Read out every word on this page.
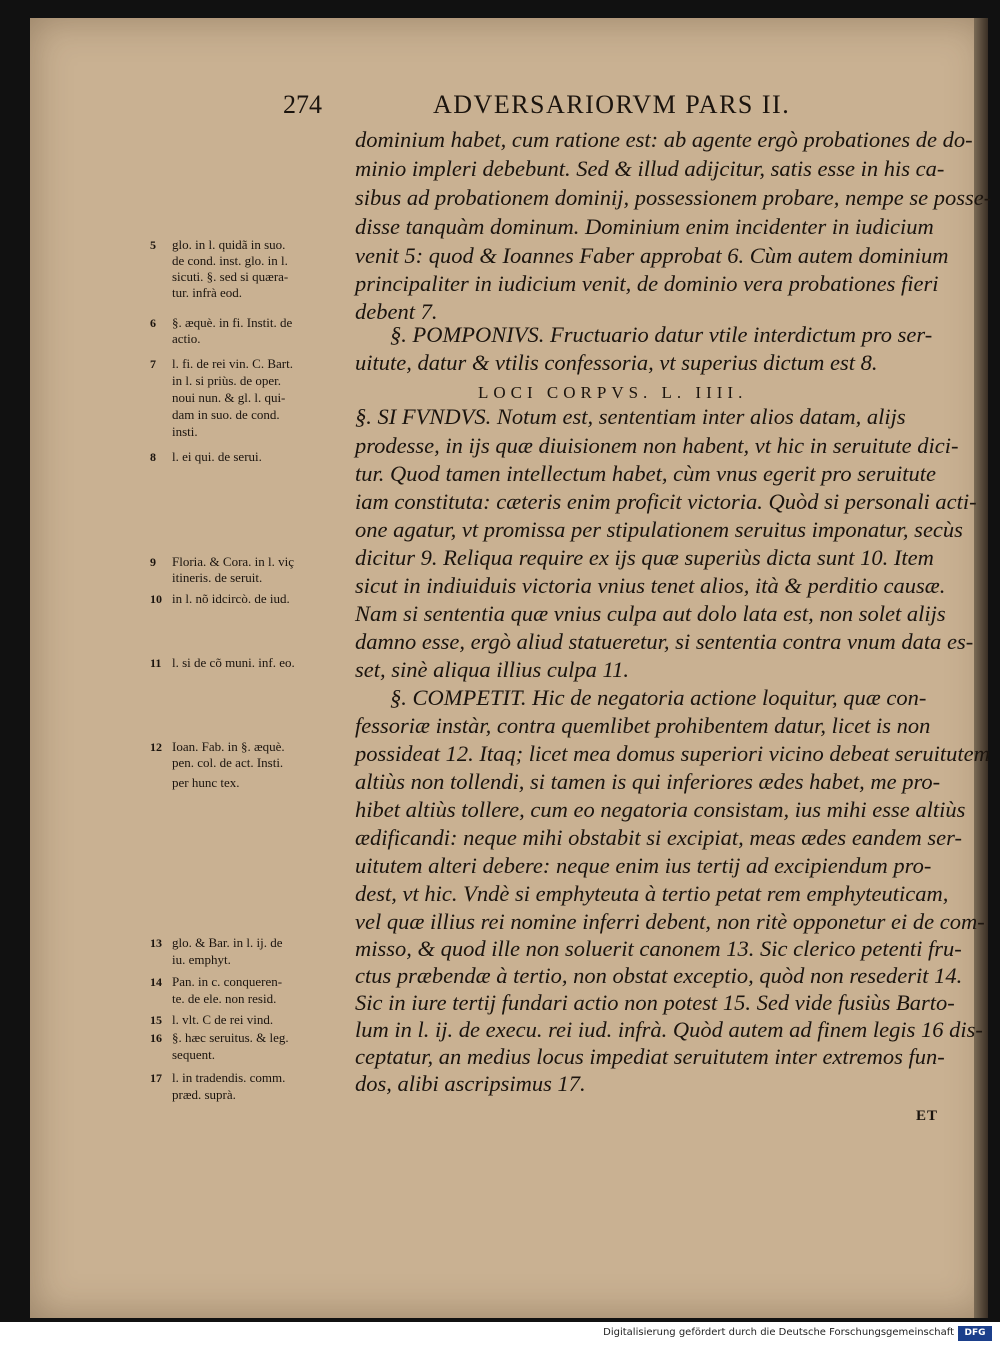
274	ADVERSARIORVM PARS II.
dominium habet, cum ratione est: ab agente ergò probationes de do-
minio impleri debebunt. Sed & illud adijcitur, satis esse in his ca-
sibus ad probationem dominij, possessionem probare, nempe se posse-
disse tanquàm dominum. Dominium enim incidenter in iudicium
venit 5: quod & Ioannes Faber approbat 6. Cùm autem dominium
principaliter in iudicium venit, de dominio vera probationes fieri
debent 7.
§. POMPONIVS. Fructuario datur vtile interdictum pro ser-
uitute, datur & vtilis confessoria, vt superius dictum est 8.
LOCI CORPVS. L. IIII.
§. SI FVNDVS. Notum est, sententiam inter alios datam, alijs
prodesse, in ijs quæ diuisionem non habent, vt hic in seruitute dici-
tur. Quod tamen intellectum habet, cùm vnus egerit pro seruitute
iam constituta: cæteris enim proficit victoria. Quòd si personali acti-
one agatur, vt promissa per stipulationem seruitus imponatur, secùs
dicitur 9. Reliqua require ex ijs quæ superiùs dicta sunt 10. Item
sicut in indiuiduis victoria vnius tenet alios, ità & perditio causæ.
Nam si sententia quæ vnius culpa aut dolo lata est, non solet alijs
damno esse, ergò aliud statueretur, si sententia contra vnum data es-
set, sinè aliqua illius culpa 11.
§. COMPETIT. Hic de negatoria actione loquitur, quæ con-
fessoriæ instàr, contra quemlibet prohibentem datur, licet is non
possideat 12. Itaq; licet mea domus superiori vicino debeat seruitutem
altiùs non tollendi, si tamen is qui inferiores ædes habet, me pro-
hibet altiùs tollere, cum eo negatoria consistam, ius mihi esse altiùs
ædificandi: neque mihi obstabit si excipiat, meas ædes eandem ser-
uitutem alteri debere: neque enim ius tertij ad excipiendum pro-
dest, vt hic. Vndè si emphyteuta à tertio petat rem emphyteuticam,
vel quæ illius rei nomine inferri debent, non ritè opponetur ei de com-
misso, & quod ille non soluerit canonem 13. Sic clerico petenti fru-
ctus præbendæ à tertio, non obstat exceptio, quòd non resederit 14.
Sic in iure tertij fundari actio non potest 15. Sed vide fusiùs Barto-
lum in l. ij. de execu. rei iud. infrà. Quòd autem ad finem legis 16 dis-
ceptatur, an medius locus impediat seruitutem inter extremos fun-
dos, alibi ascripsimus 17.
5 glo. in l. quidã in suo.
de cond. inst. glo. in l.
sicuti. §. sed si quæra-
tur. infrà eod.
6 §. æquè. in fi. Instit. de
actio.
7 l. fi. de rei vin. C. Bart.
in l. si priùs. de oper.
noui nun. & gl. l. qui-
dam in suo. de cond.
insti.
8 l. ei qui. de serui.
9 Floria. & Cora. in l. viç
itineris. de seruit.
10 in l. nõ idcircò. de iud.
11 l. si de cõ muni. inf. eo.
12 Ioan. Fab. in §. æquè.
pen. col. de act. Insti.
per hunc tex.
13 glo. & Bar. in l. ij. de
iu. emphyt.
14 Pan. in c. conqueren-
te. de ele. non resid.
15 l. vlt. C de rei vind.
16 §. hæc seruitus. & leg.
sequent.
17 l. in tradendis. comm.
præd. suprà.
ET
Digitalisierung gefördert durch die Deutsche Forschungsgemeinschaft	DFG
